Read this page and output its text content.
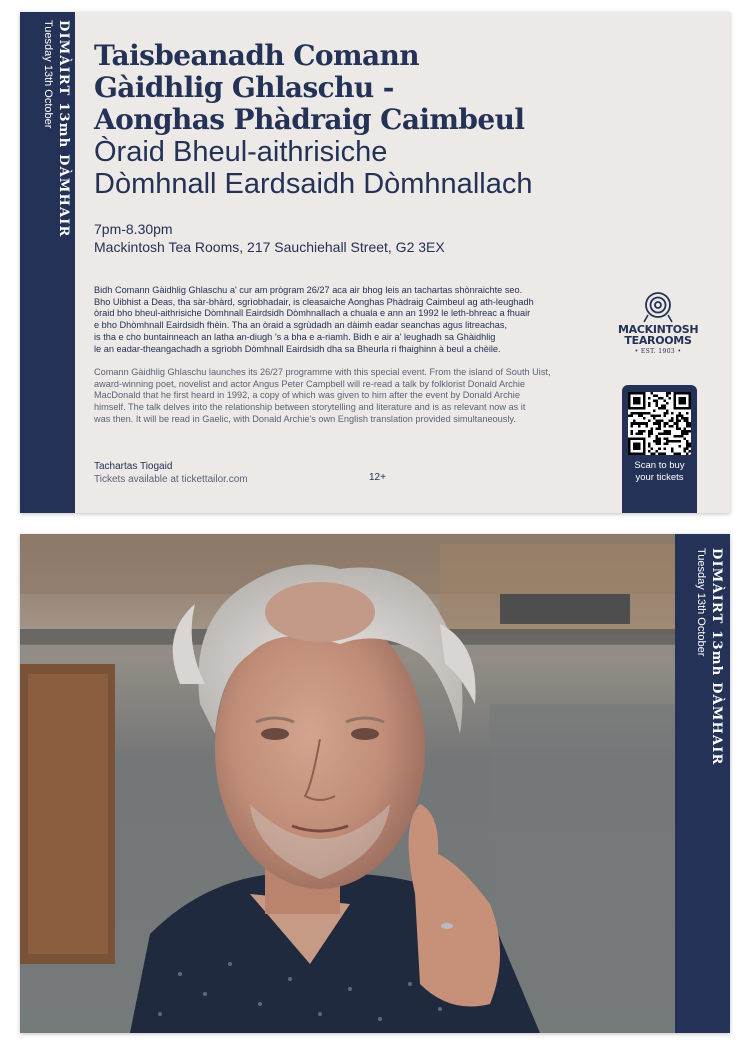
DIMÀIRT 13mh DÀMHAIR
Tuesday 13th October Taisbeanadh Comann
Gàidhlig Ghlaschu -
Aonghas Phàdraig Caimbeul
Òraid Bheul-aithrisiche
Dòmhnall Eardsaidh Dòmhnallach
7pm-8.30pm
Mackintosh Tea Rooms, 217 Sauchiehall Street, G2 3EX
Bidh Comann Gàidhlig Ghlaschu a' cur am prògram 26/27 aca air bhog leis an tachartas shònraichte seo.
Bho Uibhist a Deas, tha sàr-bhàrd, sgrìobhadair, is cleasaiche Aonghas Phàdraig Caimbeul ag ath-leughadh
òraid bho bheul-aithrisiche Dòmhnall Eairdsidh Dòmhnallach a chuala e ann an 1992 le leth-bhreac a fhuair
e bho Dhòmhnall Eairdsidh fhèin. Tha an òraid a sgrùdadh an dàimh eadar seanchas agus litreachas,
is tha e cho buntainneach an latha an-diugh 's a bha e a-riamh. Bidh e air a' leughadh sa Ghàidhlig
le an eadar-theangachadh a sgrìobh Dòmhnall Eairdsidh dha sa Bheurla ri fhaighinn à beul a chèile.
Comann Gàidhlig Ghlaschu launches its 26/27 programme with this special event. From the island of South Uist,
award-winning poet, novelist and actor Angus Peter Campbell will re-read a talk by folklorist Donald Archie
MacDonald that he first heard in 1992, a copy of which was given to him after the event by Donald Archie
himself. The talk delves into the relationship between storytelling and literature and is as relevant now as it
was then. It will be read in Gaelic, with Donald Archie's own English translation provided simultaneously.
Tachartas Tiogaid
Tickets available at tickettailor.com	12+
MACKINTOSH
TEAROOMS
• EST. 1903 •
Scan to buy
your tickets
DIMÀIRT 13mh DÀMHAIR
Tuesday 13th October
